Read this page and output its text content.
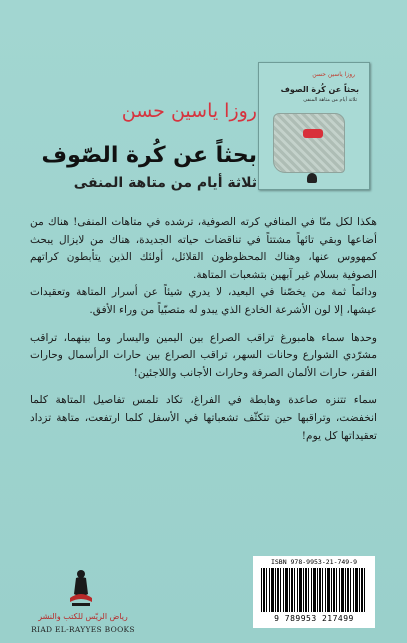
روزا ياسين حسن
بحثاً عن كُرة الصوف
ثلاثة أيام من متاهة المنفى
روزا ياسين حسن
بحثاً عن كُرة الصّوف
ثلاثة أيام من متاهة المنفى

هكذا لكل منّا في المنافي كرته الصوفية، ترشده في متاهات المنفى! هناك من أضاعها وبقي تائهاً مشتتاً في تناقضات حياته الجديدة، هناك من لايزال يبحث كمهووس عنها، وهناك المحظوظون القلائل، أولئك الذين يتأبطون كراتهم الصوفية بسلام غير آبهين بتشعبات المتاهة.

ودائماً ثمة من يخصّنا في البعيد، لا يدري شيئاً عن أسرار المتاهة وتعقيدات عيشها، إلا لون الأشرعة الخادع الذي يبدو له متصبّياً من وراء الأفق.

وحدها سماء هامبورغ تراقب الصراع بين اليمين واليسار وما بينهما، تراقب مشرّدي الشوارع وحانات السهر، تراقب الصراع بين حارات الرأسمال وحارات الفقر، حارات الألمان الصرفة وحارات الأجانب واللاجئين!

سماء تتنزه صاعدة وهابطة في الفراغ، تكاد تلمس تفاصيل المتاهة كلما انخفضت، وتراقبها حين تتكثّف تشعباتها في الأسفل كلما ارتفعت، متاهة تزداد تعقيداتها كل يوم!

رياض الريّس للكتب والنشر
RIAD EL-RAYYES BOOKS
ISBN 978-9953-21-749-9
9 789953 217499
